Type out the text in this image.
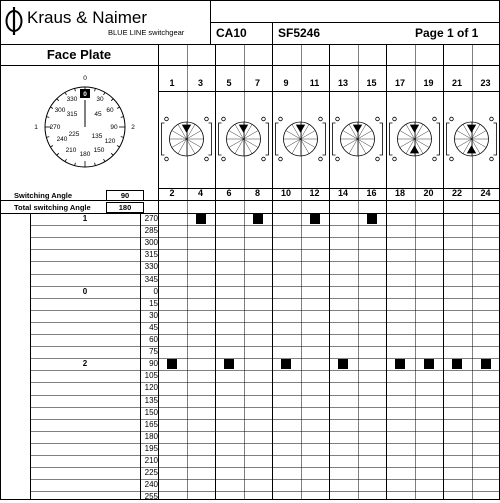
Kraus & Naimer
BLUE LINE switchgear	CA10	SF5246	Page 1 of 1
Face Plate
0
330	30
300	60
315	45
1 270	90 2
240	135
120
225
210	150
180
0
Switching Angle	90
Total switching Angle	180
1	3	5	7	9	11	13	15	17	19	21	23
2	4	6	8	10	12	14	16	18	20	22	24
1	270
285
300
315
330
345
0	0
15
30
45
60
75
2	90
105
120
135
150
165
180
195
210
225
240
255
